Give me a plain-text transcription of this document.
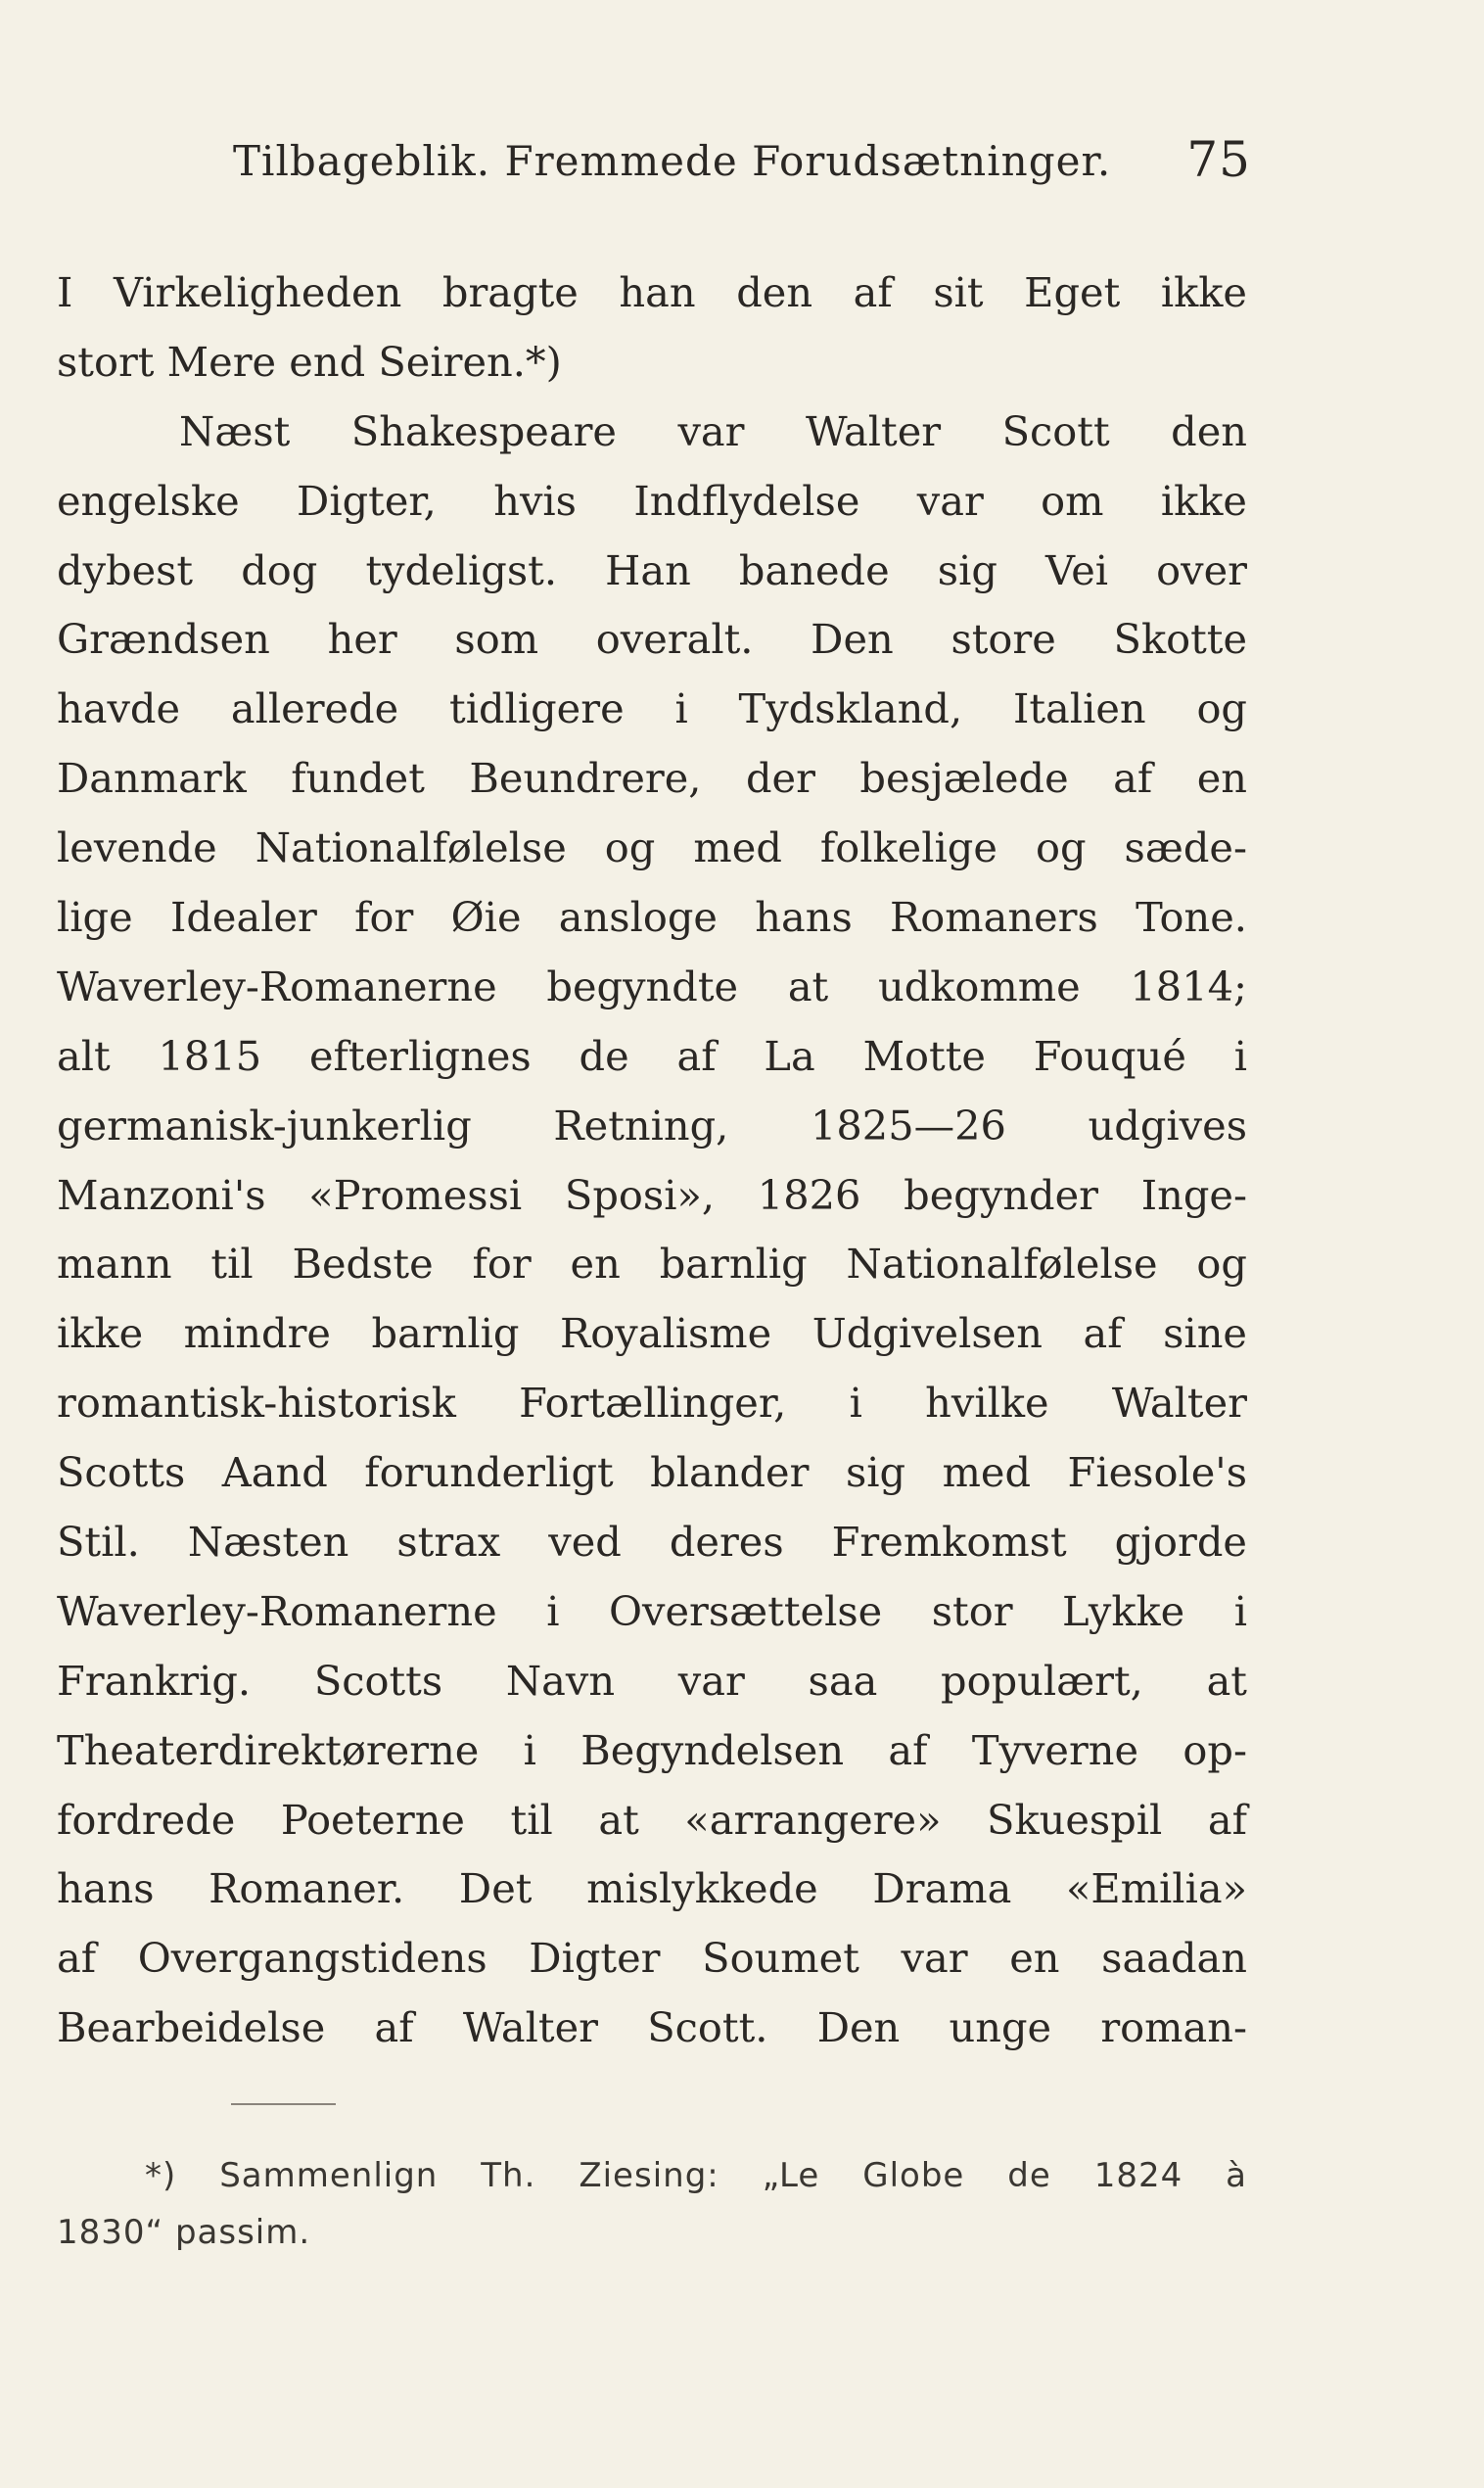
Tilbageblik. Fremmede Forudsætninger. 75
I Virkeligheden bragte han den af sit Eget ikke
stort Mere end Seiren.*)
Næst Shakespeare var Walter Scott den
engelske Digter, hvis Indflydelse var om ikke
dybest dog tydeligst. Han banede sig Vei over
Grændsen her som overalt. Den store Skotte
havde allerede tidligere i Tydskland, Italien og
Danmark fundet Beundrere, der besjælede af en
levende Nationalfølelse og med folkelige og sæde-
lige Idealer for Øie ansloge hans Romaners Tone.
Waverley-Romanerne begyndte at udkomme 1814;
alt 1815 efterlignes de af La Motte Fouqué i
germanisk-junkerlig Retning, 1825—26 udgives
Manzoni's «Promessi Sposi», 1826 begynder Inge-
mann til Bedste for en barnlig Nationalfølelse og
ikke mindre barnlig Royalisme Udgivelsen af sine
romantisk-historisk Fortællinger, i hvilke Walter
Scotts Aand forunderligt blander sig med Fiesole's
Stil. Næsten strax ved deres Fremkomst gjorde
Waverley-Romanerne i Oversættelse stor Lykke i
Frankrig. Scotts Navn var saa populært, at
Theaterdirektørerne i Begyndelsen af Tyverne op-
fordrede Poeterne til at «arrangere» Skuespil af
hans Romaner. Det mislykkede Drama «Emilia»
af Overgangstidens Digter Soumet var en saadan
Bearbeidelse af Walter Scott. Den unge roman-
*) Sammenlign Th. Ziesing: „Le Globe de 1824 à
1830“ passim.
